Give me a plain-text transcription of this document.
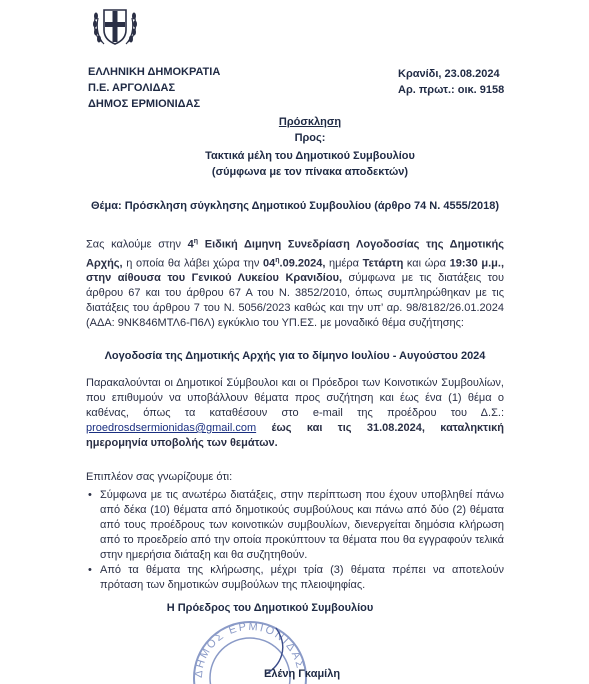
ΕΛΛΗΝΙΚΗ ΔΗΜΟΚΡΑΤΙΑ
Π.Ε. ΑΡΓΟΛΙΔΑΣ
ΔΗΜΟΣ ΕΡΜΙΟΝΙΔΑΣ
Κρανίδι, 23.08.2024
Αρ. πρωτ.: οικ. 9158
Πρόσκληση
Προς:
Τακτικά μέλη του Δημοτικού Συμβουλίου
(σύμφωνα με τον πίνακα αποδεκτών)
Θέμα: Πρόσκληση σύγκλησης Δημοτικού Συμβουλίου (άρθρο 74 Ν. 4555/2018)
Σας καλούμε στην $4^\eta$ Ειδική Διμηνη Συνεδρίαση Λογοδοσίας της Δημοτικής Αρχής, η οποία θα λάβει χώρα την $04^\eta.09.2024$, ημέρα Τετάρτη και ώρα 19:30 μ.μ., στην αίθουσα του Γενικού Λυκείου Κρανιδίου, σύμφωνα με τις διατάξεις του άρθρου 67 και του άρθρου 67 Α του Ν. 3852/2010, όπως συμπληρώθηκαν με τις διατάξεις του άρθρου 7 του Ν. 5056/2023 καθώς και την υπ’ αρ. 98/8182/26.01.2024 (ΑΔΑ: 9ΝΚ846ΜΤΛ6-Π6Λ) εγκύκλιο του ΥΠ.ΕΣ. με μοναδικό θέμα συζήτησης:
Λογοδοσία της Δημοτικής Αρχής για το δίμηνο Ιουλίου - Αυγούστου 2024
Παρακαλούνται οι Δημοτικοί Σύμβουλοι και οι Πρόεδροι των Κοινοτικών Συμβουλίων, που επιθυμούν να υποβάλλουν θέματα προς συζήτηση και έως ένα (1) θέμα ο καθένας, όπως τα καταθέσουν στο e-mail της προέδρου του Δ.Σ.: proedrosdsermionidas@gmail.com έως και τις 31.08.2024, καταληκτική ημερομηνία υποβολής των θεμάτων.
Επιπλέον σας γνωρίζουμε ότι:
• Σύμφωνα με τις ανωτέρω διατάξεις, στην περίπτωση που έχουν υποβληθεί πάνω από δέκα (10) θέματα από δημοτικούς συμβούλους και πάνω από δύο (2) θέματα από τους προέδρους των κοινοτικών συμβουλίων, διενεργείται δημόσια κλήρωση από το προεδρείο από την οποία προκύπτουν τα θέματα που θα εγγραφούν τελικά στην ημερήσια διάταξη και θα συζητηθούν.
• Από τα θέματα της κλήρωσης, μέχρι τρία (3) θέματα πρέπει να αποτελούν πρόταση των δημοτικών συμβούλων της πλειοψηφίας.
Η Πρόεδρος του Δημοτικού Συμβουλίου
ΔΗΜΟΣ ΕΡΜΙΟΝΙΔΑΣ
Ελένη Γκαμίλη
